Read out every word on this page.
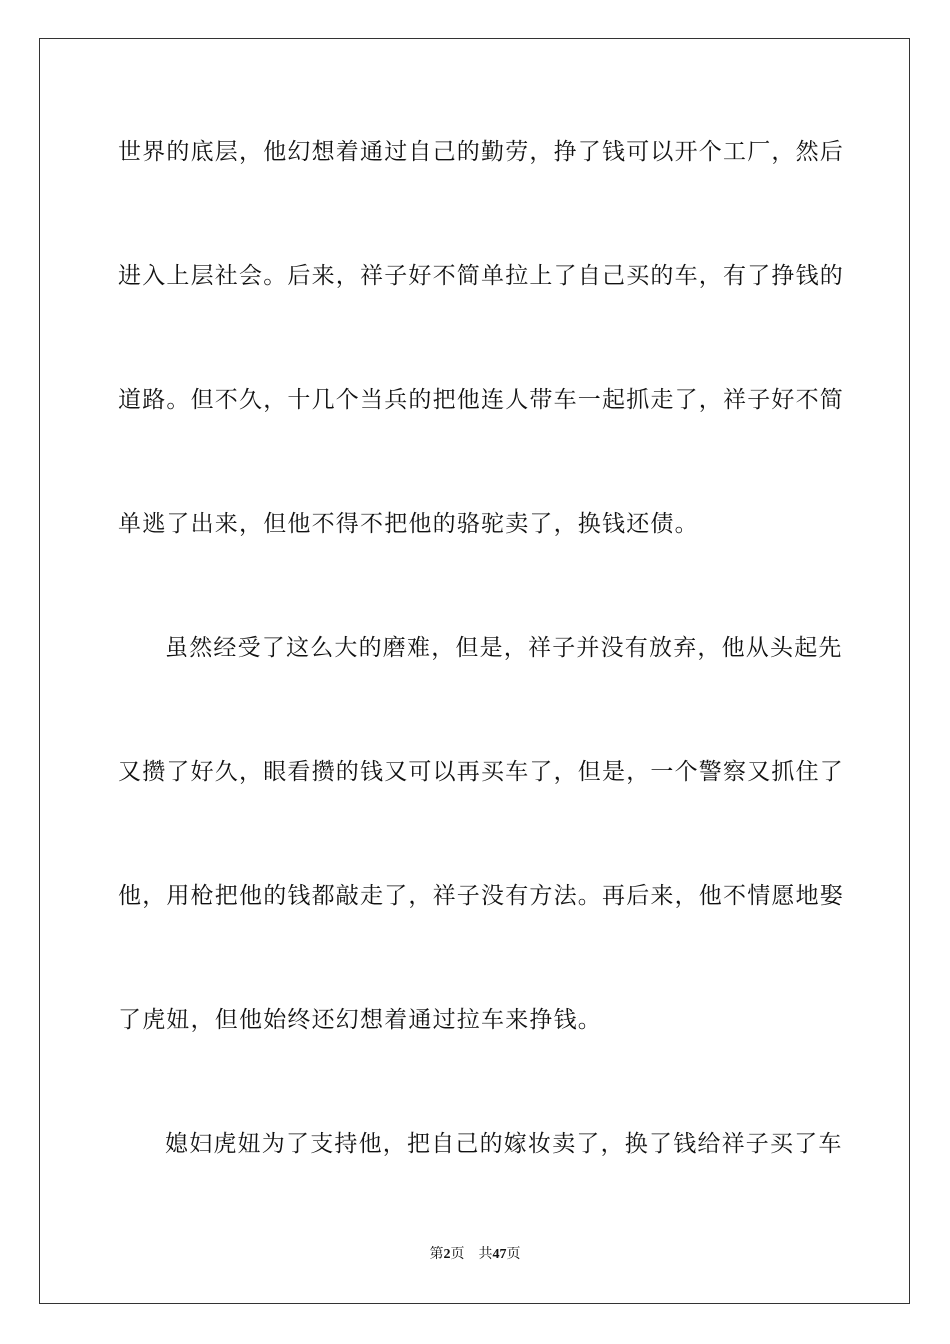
世界的底层，他幻想着通过自己的勤劳，挣了钱可以开个工厂，然后
进入上层社会。后来，祥子好不简单拉上了自己买的车，有了挣钱的
道路。但不久，十几个当兵的把他连人带车一起抓走了，祥子好不简
单逃了出来，但他不得不把他的骆驼卖了，换钱还债。
虽然经受了这么大的磨难，但是，祥子并没有放弃，他从头起先
又攒了好久，眼看攒的钱又可以再买车了，但是，一个警察又抓住了
他，用枪把他的钱都敲走了，祥子没有方法。再后来，他不情愿地娶
了虎妞，但他始终还幻想着通过拉车来挣钱。
媳妇虎妞为了支持他，把自己的嫁妆卖了，换了钱给祥子买了车
第2页 共47页
